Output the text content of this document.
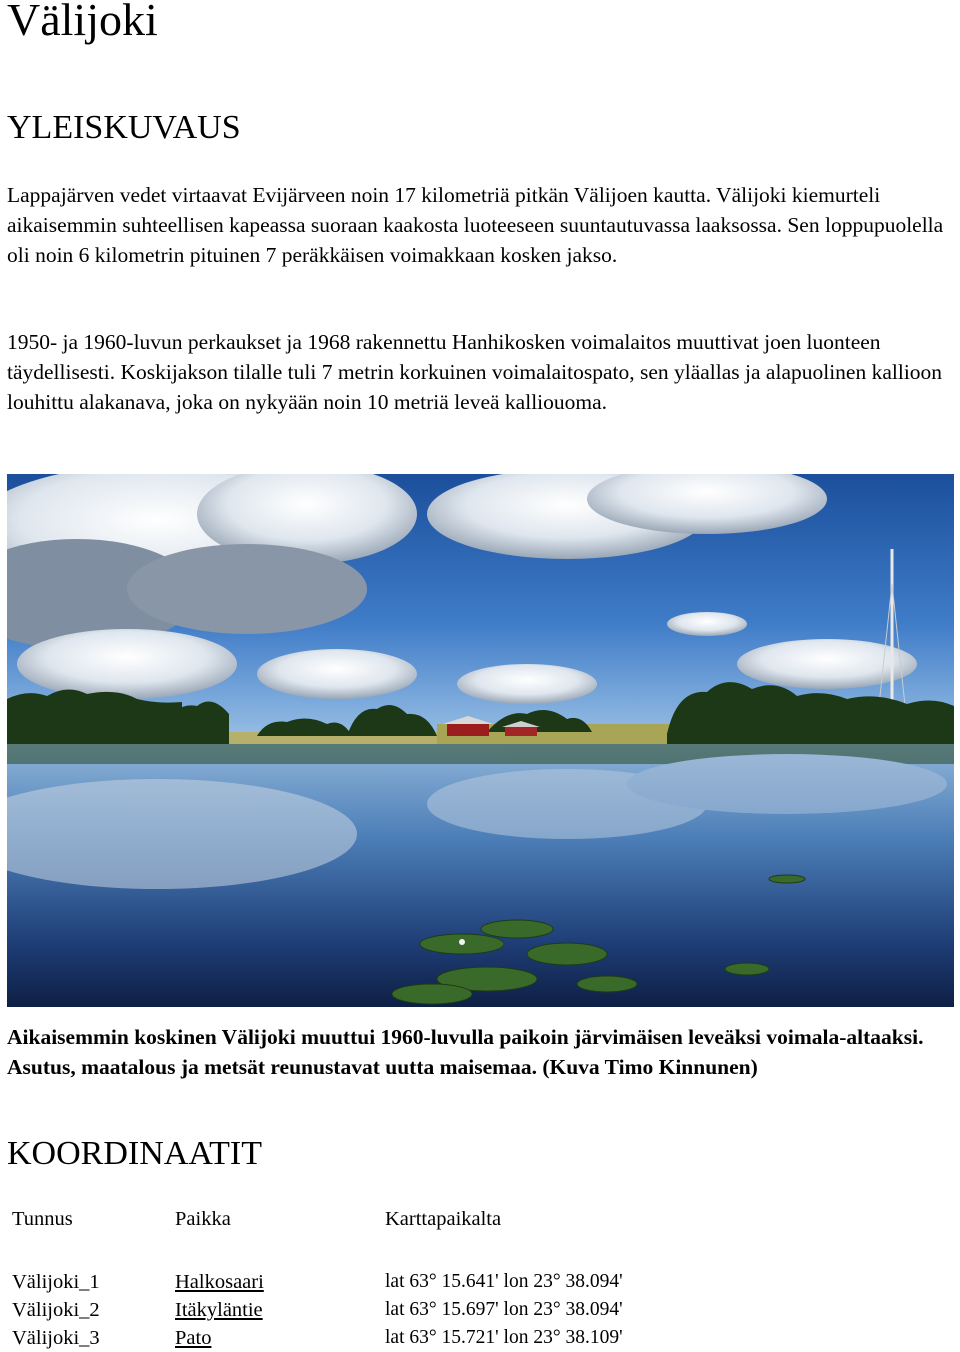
Välijoki
YLEISKUVAUS

Lappajärven vedet virtaavat Evijärveen noin 17 kilometriä pitkän Välijoen kautta. Välijoki kiemurteli aikaisemmin suhteellisen kapeassa suoraan kaakosta luoteeseen suuntautuvassa laaksossa. Sen loppupuolella oli noin 6 kilometrin pituinen 7 peräkkäisen voimakkaan kosken jakso.

1950- ja 1960-luvun perkaukset ja 1968 rakennettu Hanhikosken voimalaitos muuttivat joen luonteen täydellisesti. Koskijakson tilalle tuli 7 metrin korkuinen voimalaitospato, sen yläallas ja alapuolinen kallioon louhittu alakanava, joka on nykyään noin 10 metriä leveä kalliouoma.

Aikaisemmin koskinen Välijoki muuttui 1960-luvulla paikoin järvimäisen leveäksi voimala-altaaksi. Asutus, maatalous ja metsät reunustavat uutta maisemaa. (Kuva Timo Kinnunen)

KOORDINAATIT
Tunnus	Paikka	Karttapaikalta
Välijoki_1	Halkosaari	lat 63° 15.641' lon 23° 38.094'
Välijoki_2	Itäkyläntie	lat 63° 15.697' lon 23° 38.094'
Välijoki_3	Pato	lat 63° 15.721' lon 23° 38.109'
